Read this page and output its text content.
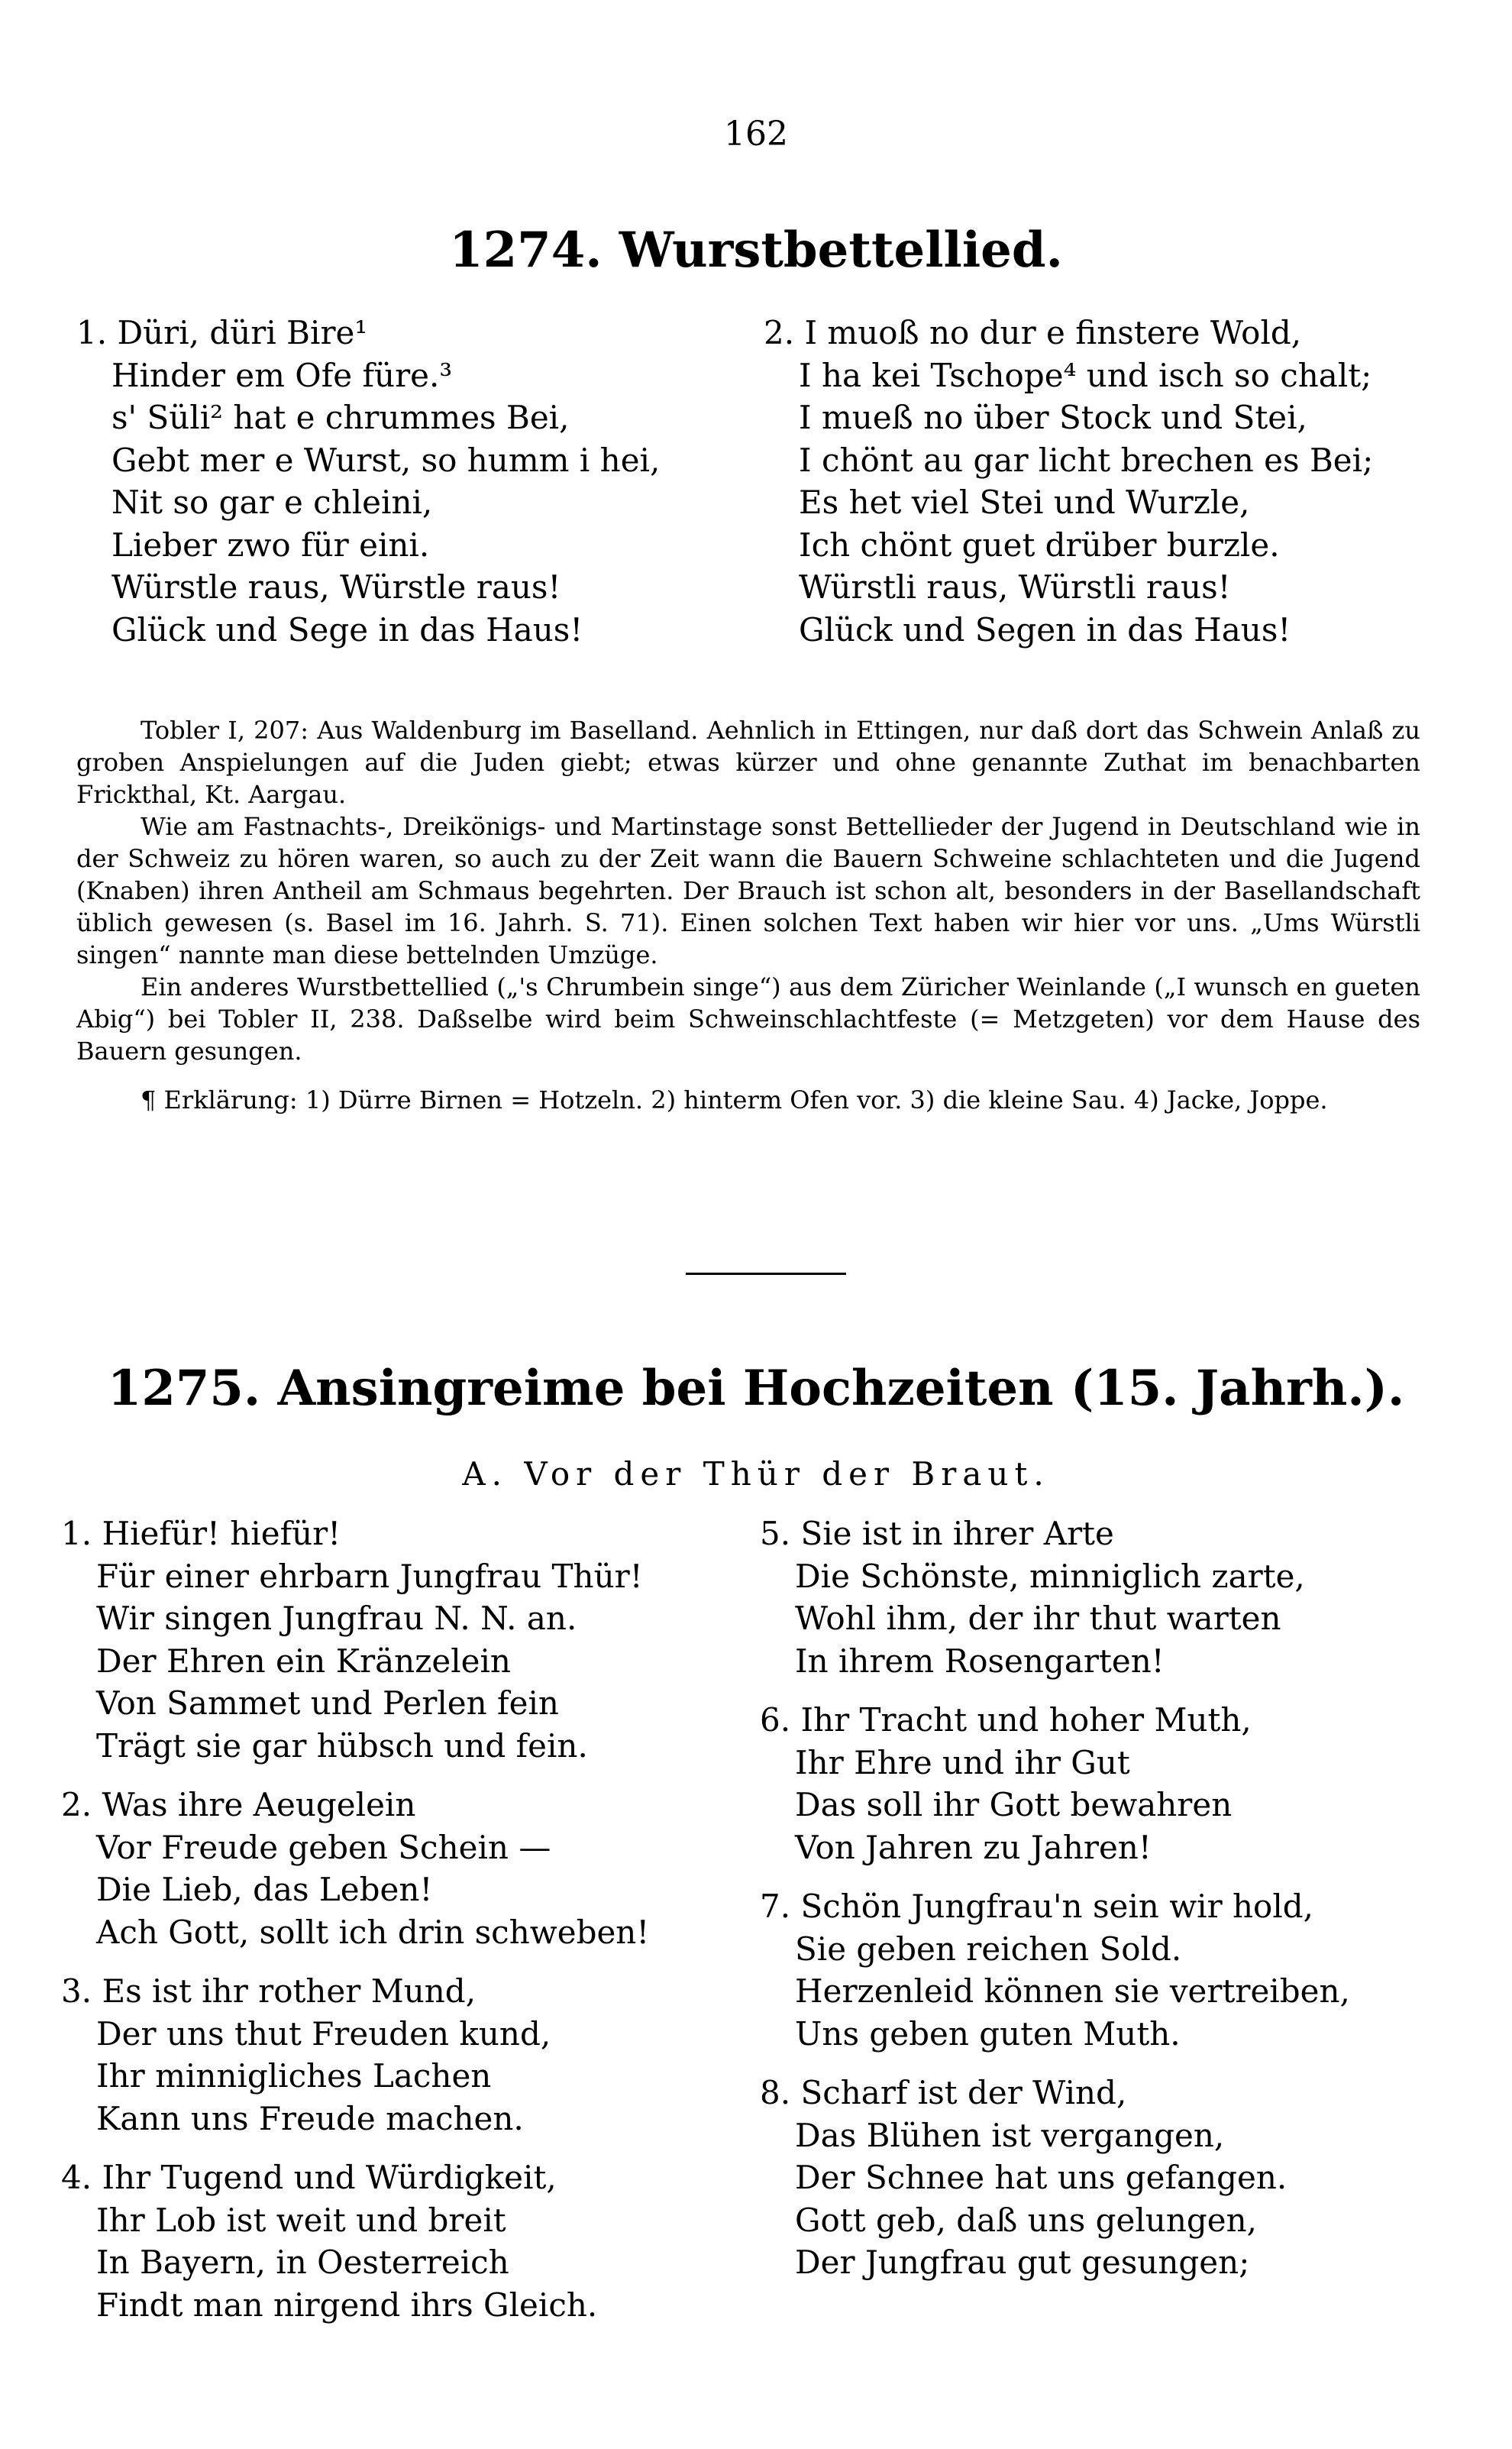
162
1274. Wurstbettellied.
1. Düri, düri Bire¹
Hinder em Ofe füre.³
s' Süli² hat e chrummes Bei,
Gebt mer e Wurst, so humm i hei,
Nit so gar e chleini,
Lieber zwo für eini.
Würstle raus, Würstle raus!
Glück und Sege in das Haus!
2. I muoß no dur e finstere Wold,
I ha kei Tschope⁴ und isch so chalt;
I mueß no über Stock und Stei,
I chönt au gar licht brechen es Bei;
Es het viel Stei und Wurzle,
Ich chönt guet drüber burzle.
Würstli raus, Würstli raus!
Glück und Segen in das Haus!

Tobler I, 207: Aus Waldenburg im Baselland. Aehnlich in Ettingen, nur daß dort das Schwein Anlaß zu groben Anspielungen auf die Juden giebt; etwas kürzer und ohne genannte Zuthat im benachbarten Frickthal, Kt. Aargau.

Wie am Fastnachts-, Dreikönigs- und Martinstage sonst Bettellieder der Jugend in Deutschland wie in der Schweiz zu hören waren, so auch zu der Zeit wann die Bauern Schweine schlachteten und die Jugend (Knaben) ihren Antheil am Schmaus begehrten. Der Brauch ist schon alt, besonders in der Basellandschaft üblich gewesen (s. Basel im 16. Jahrh. S. 71). Einen solchen Text haben wir hier vor uns. „Ums Würstli singen“ nannte man diese bettelnden Umzüge.

Ein anderes Wurstbettellied („'s Chrumbein singe“) aus dem Züricher Weinlande („I wunsch en gueten Abig“) bei Tobler II, 238. Daßselbe wird beim Schweinschlachtfeste (= Metzgeten) vor dem Hause des Bauern gesungen.

¶ Erklärung: 1) Dürre Birnen = Hotzeln. 2) hinterm Ofen vor. 3) die kleine Sau. 4) Jacke, Joppe.

1275. Ansingreime bei Hochzeiten (15. Jahrh.).
A. Vor der Thür der Braut.
1. Hiefür! hiefür!
Für einer ehrbarn Jungfrau Thür!
Wir singen Jungfrau N. N. an.
Der Ehren ein Kränzelein
Von Sammet und Perlen fein
Trägt sie gar hübsch und fein.
2. Was ihre Aeugelein
Vor Freude geben Schein —
Die Lieb, das Leben!
Ach Gott, sollt ich drin schweben!
3. Es ist ihr rother Mund,
Der uns thut Freuden kund,
Ihr minnigliches Lachen
Kann uns Freude machen.
4. Ihr Tugend und Würdigkeit,
Ihr Lob ist weit und breit
In Bayern, in Oesterreich
Findt man nirgend ihrs Gleich.
5. Sie ist in ihrer Arte
Die Schönste, minniglich zarte,
Wohl ihm, der ihr thut warten
In ihrem Rosengarten!
6. Ihr Tracht und hoher Muth,
Ihr Ehre und ihr Gut
Das soll ihr Gott bewahren
Von Jahren zu Jahren!
7. Schön Jungfrau'n sein wir hold,
Sie geben reichen Sold.
Herzenleid können sie vertreiben,
Uns geben guten Muth.
8. Scharf ist der Wind,
Das Blühen ist vergangen,
Der Schnee hat uns gefangen.
Gott geb, daß uns gelungen,
Der Jungfrau gut gesungen;
